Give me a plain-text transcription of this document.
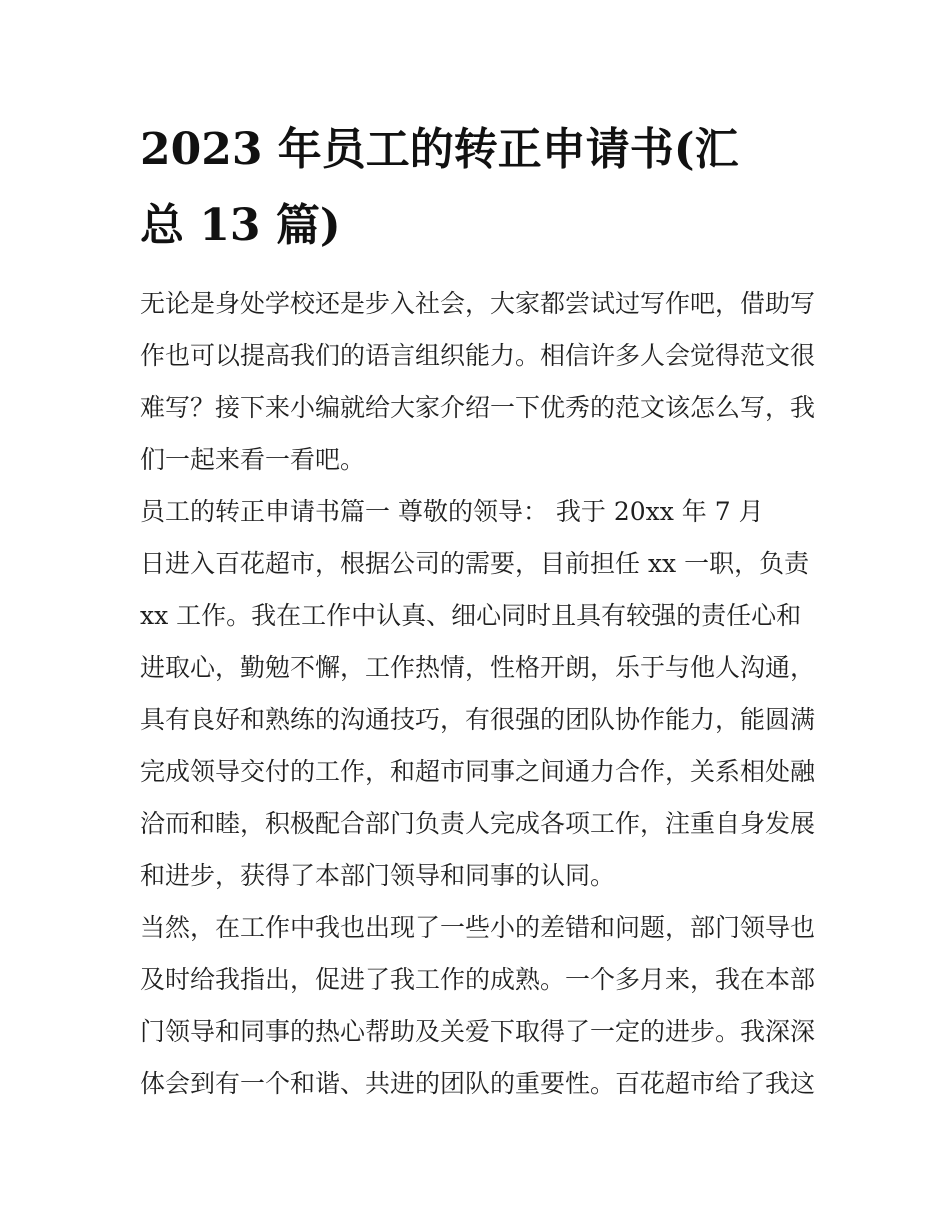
2023 年员工的转正申请书(汇
总 13 篇)
无论是身处学校还是步入社会，大家都尝试过写作吧，借助写
作也可以提高我们的语言组织能力。相信许多人会觉得范文很
难写？接下来小编就给大家介绍一下优秀的范文该怎么写，我
们一起来看一看吧。
员工的转正申请书篇一 尊敬的领导： 我于 20xx 年 7 月
日进入百花超市，根据公司的需要，目前担任 xx 一职，负责
xx 工作。我在工作中认真、细心同时且具有较强的责任心和
进取心，勤勉不懈，工作热情，性格开朗，乐于与他人沟通，
具有良好和熟练的沟通技巧，有很强的团队协作能力，能圆满
完成领导交付的工作，和超市同事之间通力合作，关系相处融
洽而和睦，积极配合部门负责人完成各项工作，注重自身发展
和进步，获得了本部门领导和同事的认同。
当然，在工作中我也出现了一些小的差错和问题，部门领导也
及时给我指出，促进了我工作的成熟。一个多月来，我在本部
门领导和同事的热心帮助及关爱下取得了一定的进步。我深深
体会到有一个和谐、共进的团队的重要性。百花超市给了我这
